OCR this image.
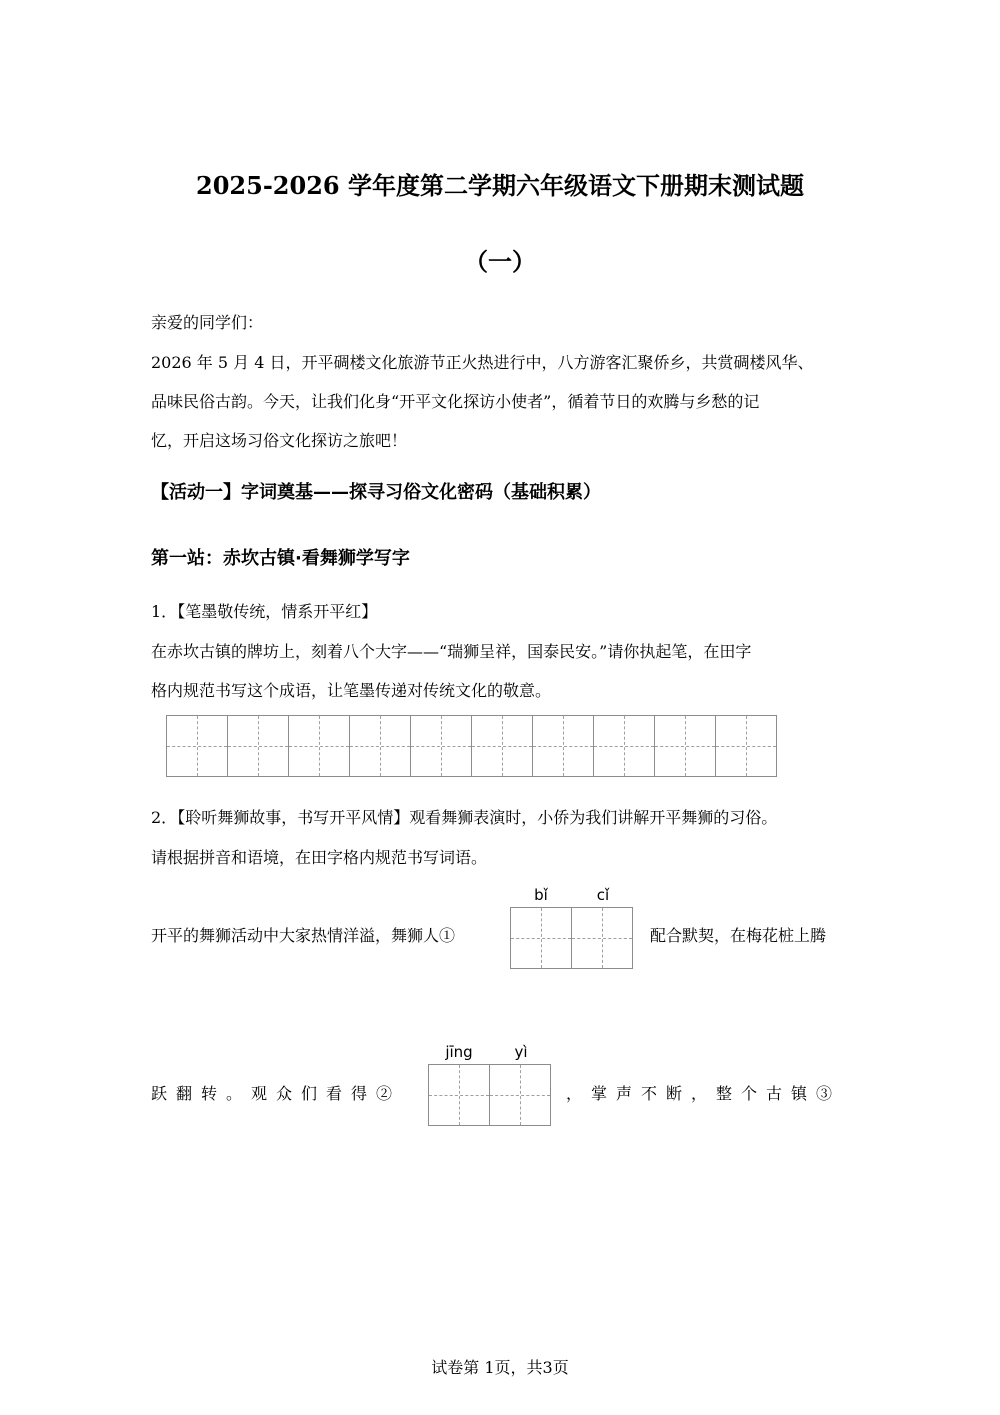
2025-2026 学年度第二学期六年级语文下册期末测试题
（一）
亲爱的同学们：
2026 年 5 月 4 日，开平碉楼文化旅游节正火热进行中，八方游客汇聚侨乡，共赏碉楼风华、
品味民俗古韵。今天，让我们化身“开平文化探访小使者”，循着节日的欢腾与乡愁的记
忆，开启这场习俗文化探访之旅吧！
【活动一】字词奠基——探寻习俗文化密码（基础积累）
第一站：赤坎古镇·看舞狮学写字
1．【笔墨敬传统，情系开平红】
在赤坎古镇的牌坊上，刻着八个大字——“瑞狮呈祥，国泰民安。”请你执起笔，在田字
格内规范书写这个成语，让笔墨传递对传统文化的敬意。
2．【聆听舞狮故事，书写开平风情】观看舞狮表演时，小侨为我们讲解开平舞狮的习俗。
请根据拼音和语境，在田字格内规范书写词语。
bǐ	cǐ
开平的舞狮活动中大家热情洋溢，舞狮人①	配合默契，在梅花桩上腾
jīng	yì
跃翻转。观众们看得②	，掌声不断，整个古镇③
试卷第 1页，共3页
